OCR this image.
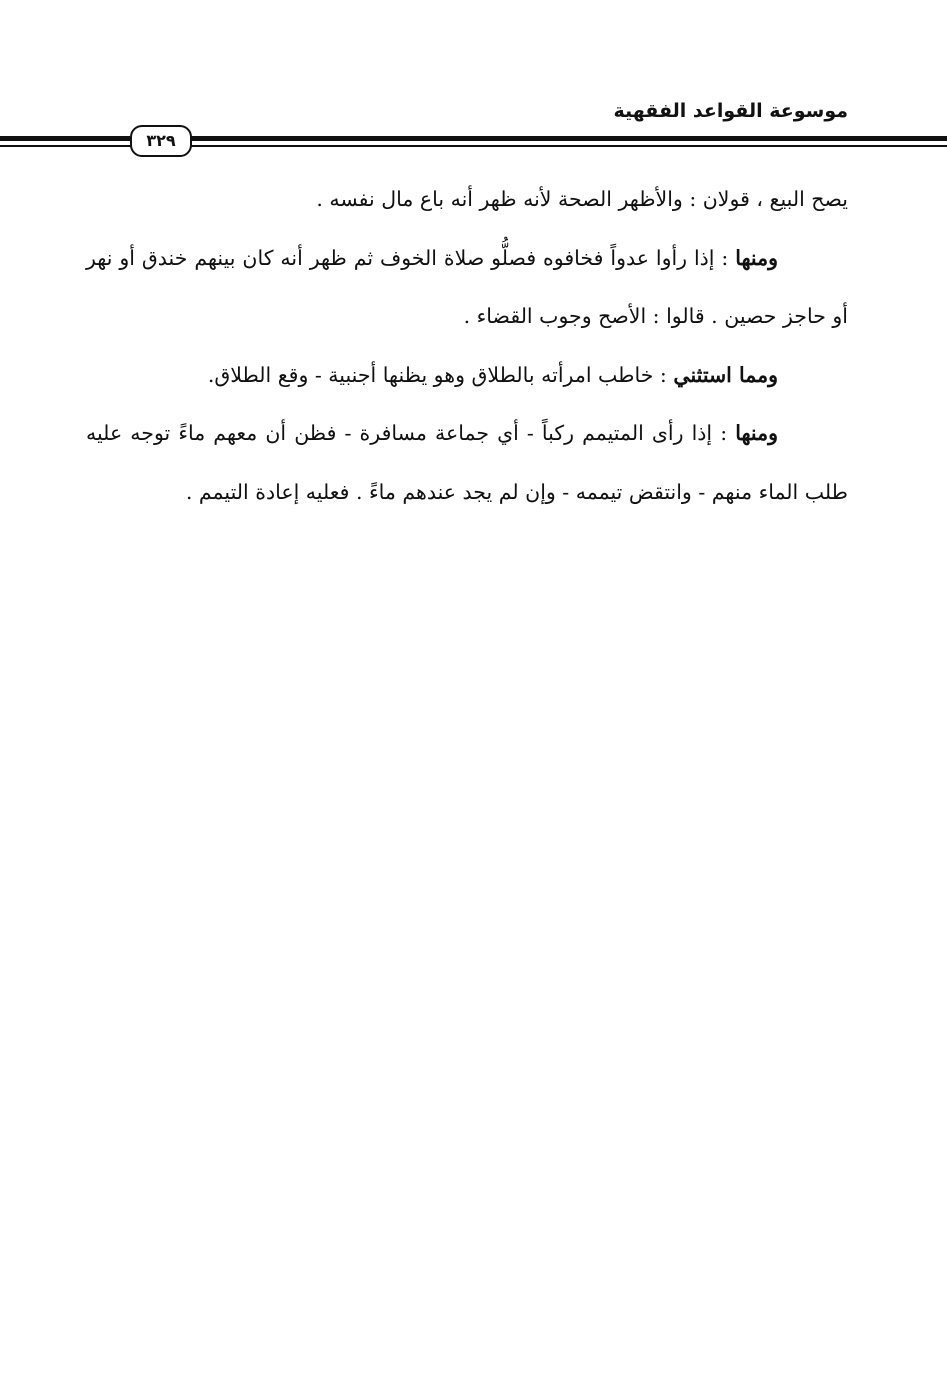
موسوعة القواعد الفقهية
٣٢٩

يصح البيع ، قولان : والأظهر الصحة لأنه ظهر أنه باع مال نفسه .

ومنها : إذا رأوا عدواً فخافوه فصلُّو صلاة الخوف ثم ظهر أنه كان بينهم خندق أو نهر أو حاجز حصين . قالوا : الأصح وجوب القضاء .

ومما استثني : خاطب امرأته بالطلاق وهو يظنها أجنبية - وقع الطلاق.

ومنها : إذا رأى المتيمم ركباً - أي جماعة مسافرة - فظن أن معهم ماءً توجه عليه طلب الماء منهم - وانتقض تيممه - وإن لم يجد عندهم ماءً . فعليه إعادة التيمم .
